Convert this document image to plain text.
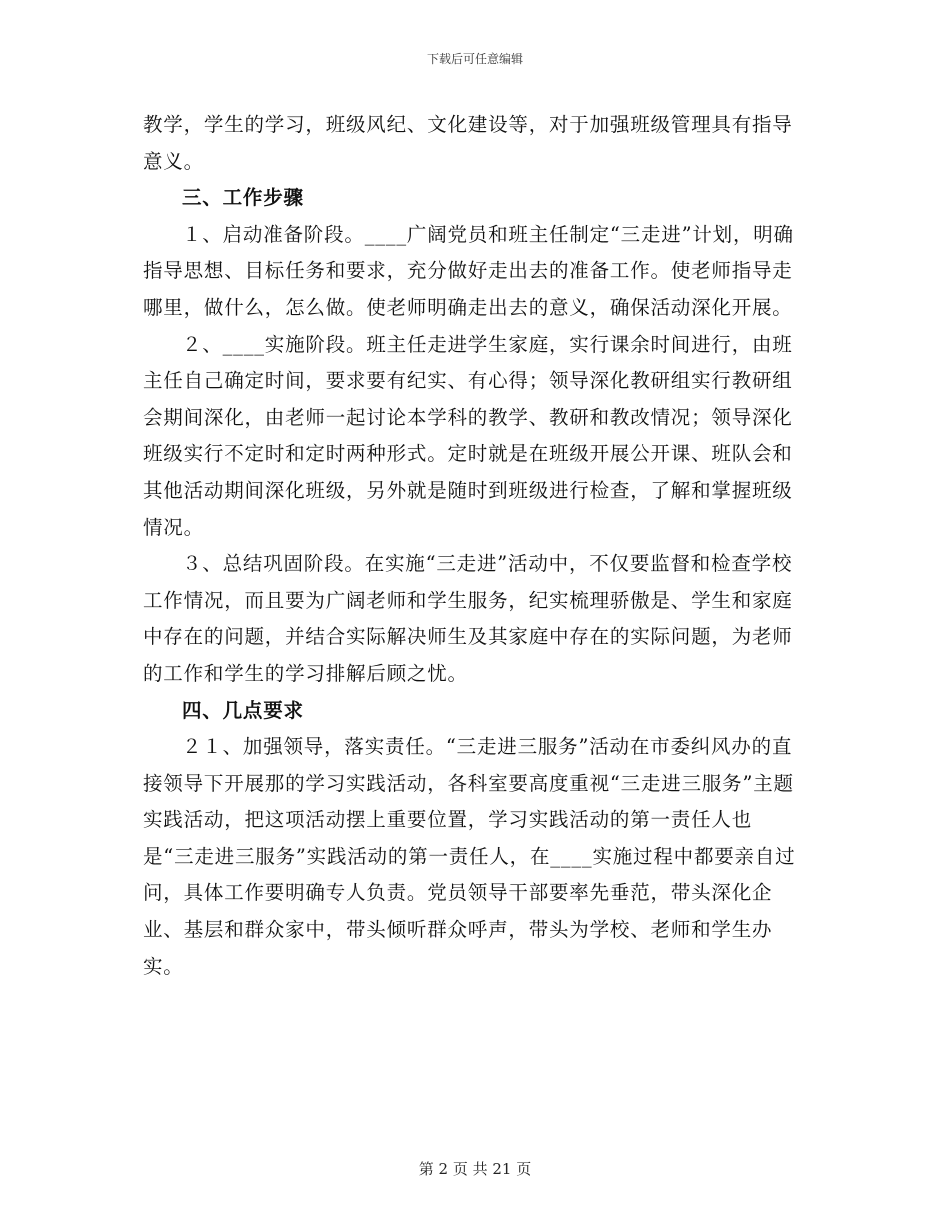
下载后可任意编辑

教学，学生的学习，班级风纪、文化建设等，对于加强班级管理具有指导意义。

三、工作步骤

１、启动准备阶段。____广阔党员和班主任制定“三走进”计划，明确指导思想、目标任务和要求，充分做好走出去的准备工作。使老师指导走哪里，做什么，怎么做。使老师明确走出去的意义，确保活动深化开展。

２、____实施阶段。班主任走进学生家庭，实行课余时间进行，由班主任自己确定时间，要求要有纪实、有心得；领导深化教研组实行教研组会期间深化，由老师一起讨论本学科的教学、教研和教改情况；领导深化班级实行不定时和定时两种形式。定时就是在班级开展公开课、班队会和其他活动期间深化班级，另外就是随时到班级进行检查，了解和掌握班级情况。

３、总结巩固阶段。在实施“三走进”活动中，不仅要监督和检查学校工作情况，而且要为广阔老师和学生服务，纪实梳理骄傲是、学生和家庭中存在的问题，并结合实际解决师生及其家庭中存在的实际问题，为老师的工作和学生的学习排解后顾之忧。

四、几点要求

２１、加强领导，落实责任。“三走进三服务”活动在市委纠风办的直接领导下开展那的学习实践活动，各科室要高度重视“三走进三服务”主题实践活动，把这项活动摆上重要位置，学习实践活动的第一责任人也是“三走进三服务”实践活动的第一责任人，在____实施过程中都要亲自过问，具体工作要明确专人负责。党员领导干部要率先垂范，带头深化企业、基层和群众家中，带头倾听群众呼声，带头为学校、老师和学生办实。

第 2 页 共 21 页
